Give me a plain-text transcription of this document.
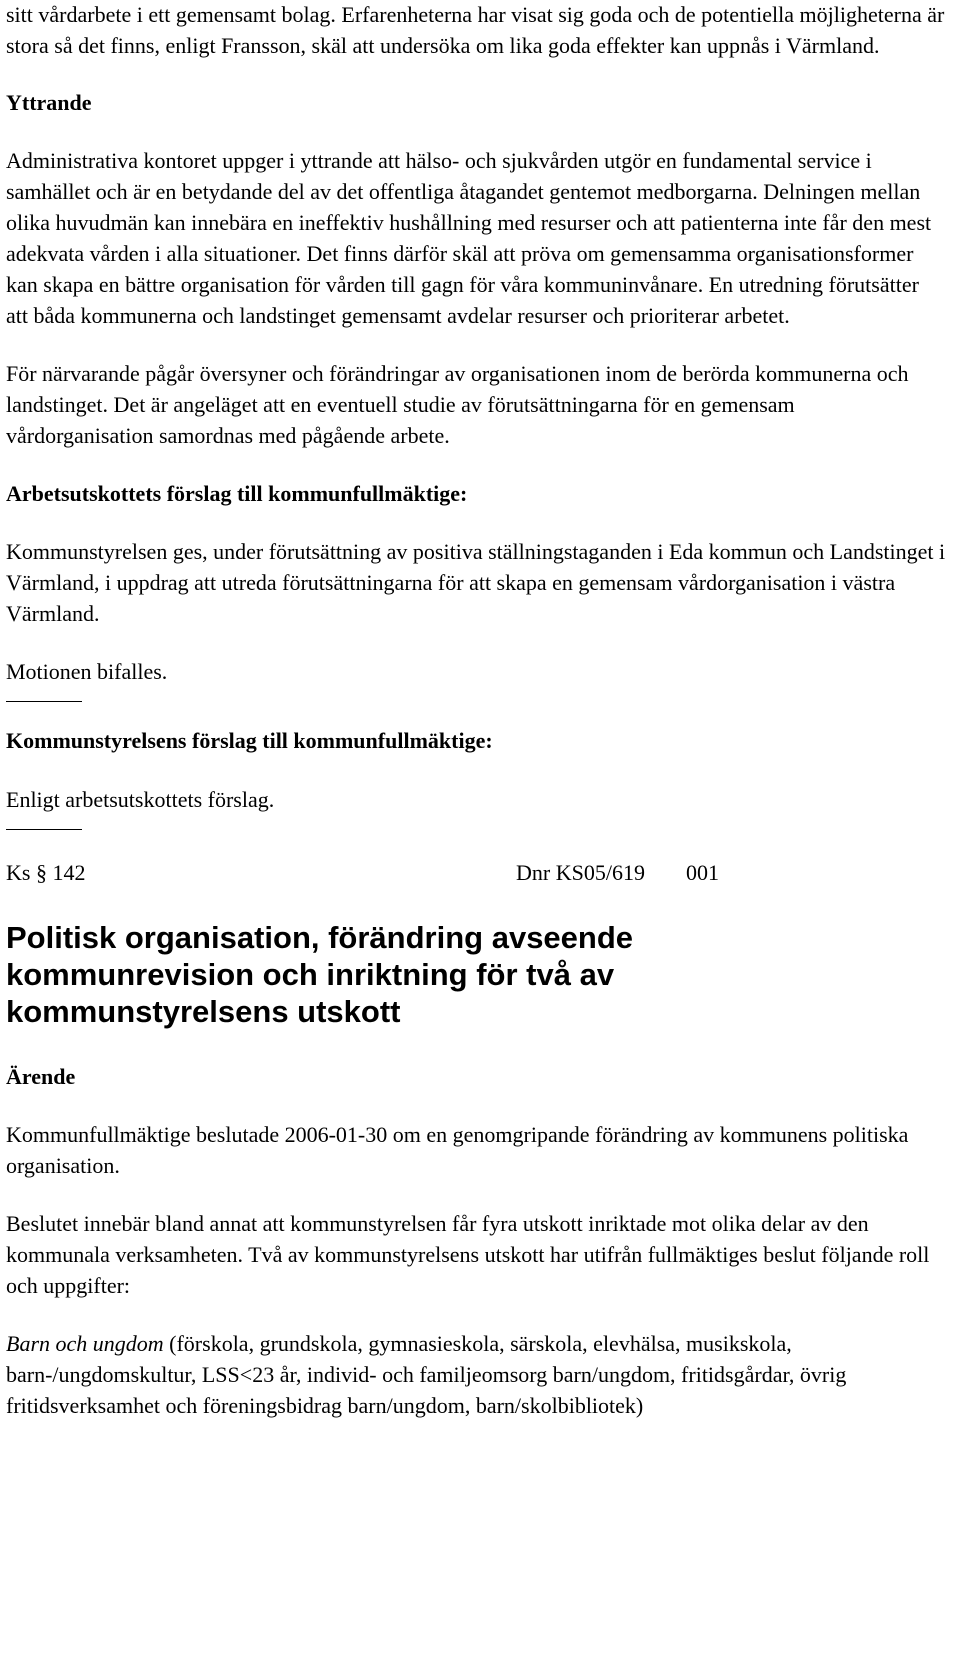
sitt vårdarbete i ett gemensamt bolag. Erfarenheterna har visat sig goda och de potentiella möjligheterna är stora så det finns, enligt Fransson, skäl att undersöka om lika goda effekter kan uppnås i Värmland.

Yttrande

Administrativa kontoret uppger i yttrande att hälso- och sjukvården utgör en fundamental service i samhället och är en betydande del av det offentliga åtagandet gentemot medborgarna. Delningen mellan olika huvudmän kan innebära en ineffektiv hushållning med resurser och att patienterna inte får den mest adekvata vården i alla situationer. Det finns därför skäl att pröva om gemensamma organisationsformer kan skapa en bättre organisation för vården till gagn för våra kommuninvånare. En utredning förutsätter att båda kommunerna och landstinget gemensamt avdelar resurser och prioriterar arbetet.

För närvarande pågår översyner och förändringar av organisationen inom de berörda kommunerna och landstinget. Det är angeläget att en eventuell studie av förutsättningarna för en gemensam vårdorganisation samordnas med pågående arbete.

Arbetsutskottets förslag till kommunfullmäktige:

Kommunstyrelsen ges, under förutsättning av positiva ställningstaganden i Eda kommun och Landstinget i Värmland, i uppdrag att utreda förutsättningarna för att skapa en gemensam vårdorganisation i västra Värmland.

Motionen bifalles.

Kommunstyrelsens förslag till kommunfullmäktige:

Enligt arbetsutskottets förslag.

Ks § 142	Dnr KS05/619 001

Politisk organisation, förändring avseende

kommunrevision och inriktning för två av

kommunstyrelsens utskott

Ärende

Kommunfullmäktige beslutade 2006-01-30 om en genomgripande förändring av kommunens politiska organisation.

Beslutet innebär bland annat att kommunstyrelsen får fyra utskott inriktade mot olika delar av den kommunala verksamheten. Två av kommunstyrelsens utskott har utifrån fullmäktiges beslut följande roll och uppgifter:

Barn och ungdom (förskola, grundskola, gymnasieskola, särskola, elevhälsa, musikskola, barn-/ungdomskultur, LSS<23 år, individ- och familjeomsorg barn/ungdom, fritidsgårdar, övrig fritidsverksamhet och föreningsbidrag barn/ungdom, barn/skolbibliotek)
